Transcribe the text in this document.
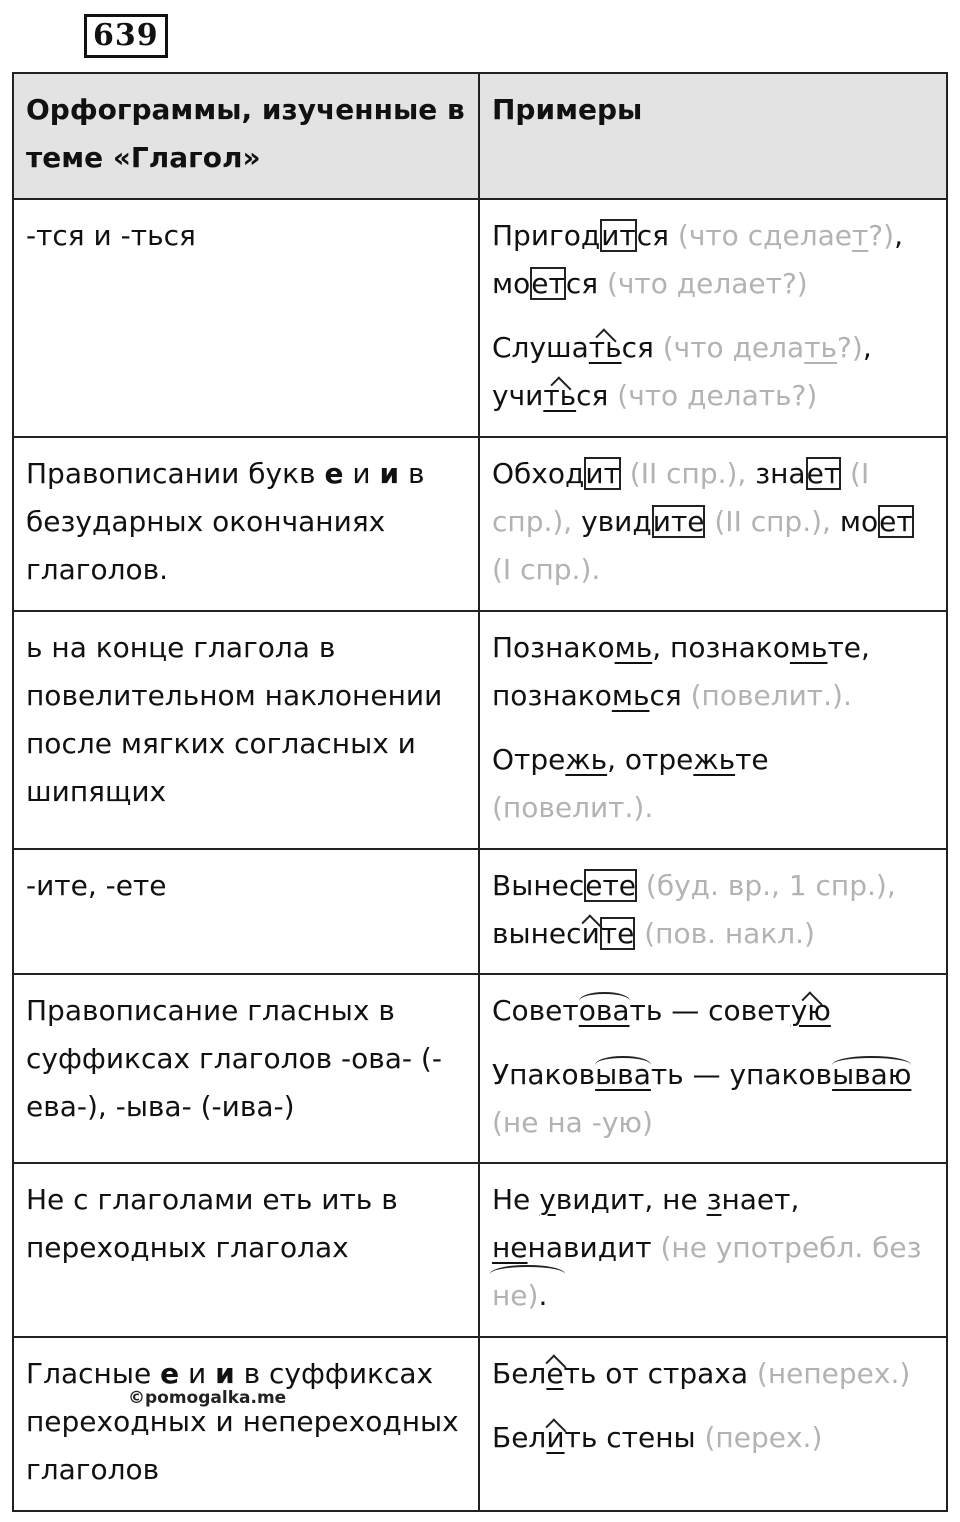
639
Орфограммы, изученные в теме «Глагол»	Примеры
-тся и -ться	Пригодится (что сделает?),
моется (что делает?)
Слушаться (что делать?),
учиться (что делать?)

Правописании букв е и и в безударных окончаниях глаголов.	Обходит (II спр.), знает (I спр.), увидите (II спр.), моет (I спр.).
ь на конце глагола в повелительном наклонении после мягких согласных и шипящих	Познакомь, познакомьте,
познакомься (повелит.).
Отрежь, отрежьте
(повелит.).

-ите, -ете	Вынесете (буд. вр., 1 спр.),
вынесите (пов. накл.)

Правописание гласных в суффиксах глаголов -ова- (-ева-), -ыва- (-ива-)	Советовать — советую
Упаковывать — упаковываю
(не на -ую)

Не с глаголами еть ить в переходных глаголах	Не увидит, не знает,
ненавидит (не употребл. без не).
Гласные е и и в суффиксах переходных и непереходных глаголов	Белеть от страха (неперех.)
Белить стены (перех.)
©pomogalka.me
